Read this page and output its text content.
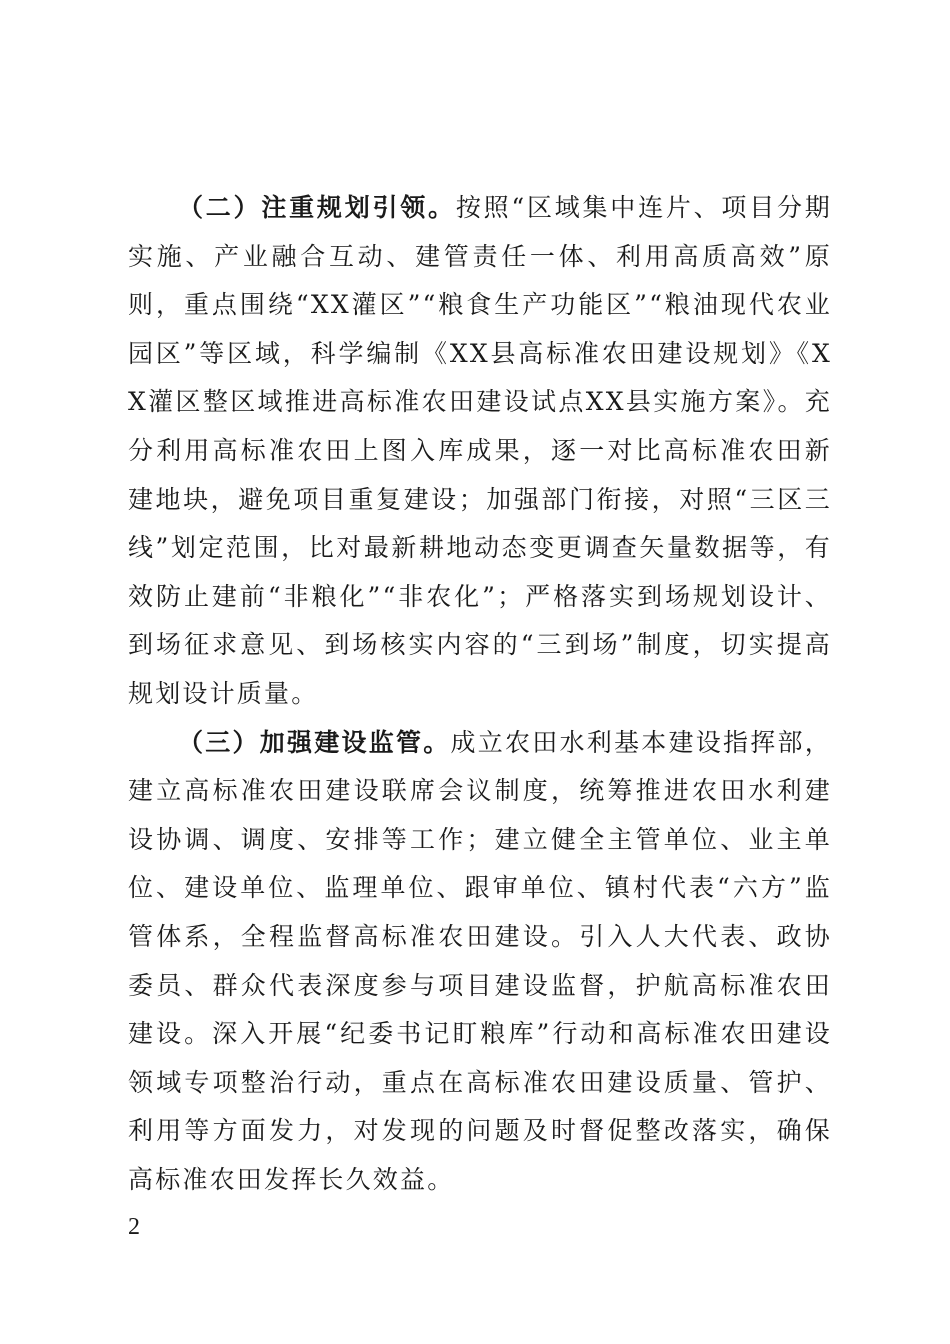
（二）注重规划引领。按照“区域集中连片、项目分期实施、产业融合互动、建管责任一体、利用高质高效”原则，重点围绕“XX灌区”“粮食生产功能区”“粮油现代农业园区”等区域，科学编制《XX县高标准农田建设规划》《XX灌区整区域推进高标准农田建设试点XX县实施方案》。充分利用高标准农田上图入库成果，逐一对比高标准农田新建地块，避免项目重复建设；加强部门衔接，对照“三区三线”划定范围，比对最新耕地动态变更调查矢量数据等，有效防止建前“非粮化”“非农化”；严格落实到场规划设计、到场征求意见、到场核实内容的“三到场”制度，切实提高规划设计质量。

（三）加强建设监管。成立农田水利基本建设指挥部，建立高标准农田建设联席会议制度，统筹推进农田水利建设协调、调度、安排等工作；建立健全主管单位、业主单位、建设单位、监理单位、跟审单位、镇村代表“六方”监管体系，全程监督高标准农田建设。引入人大代表、政协委员、群众代表深度参与项目建设监督，护航高标准农田建设。深入开展“纪委书记盯粮库”行动和高标准农田建设领域专项整治行动，重点在高标准农田建设质量、管护、利用等方面发力，对发现的问题及时督促整改落实，确保高标准农田发挥长久效益。

2
